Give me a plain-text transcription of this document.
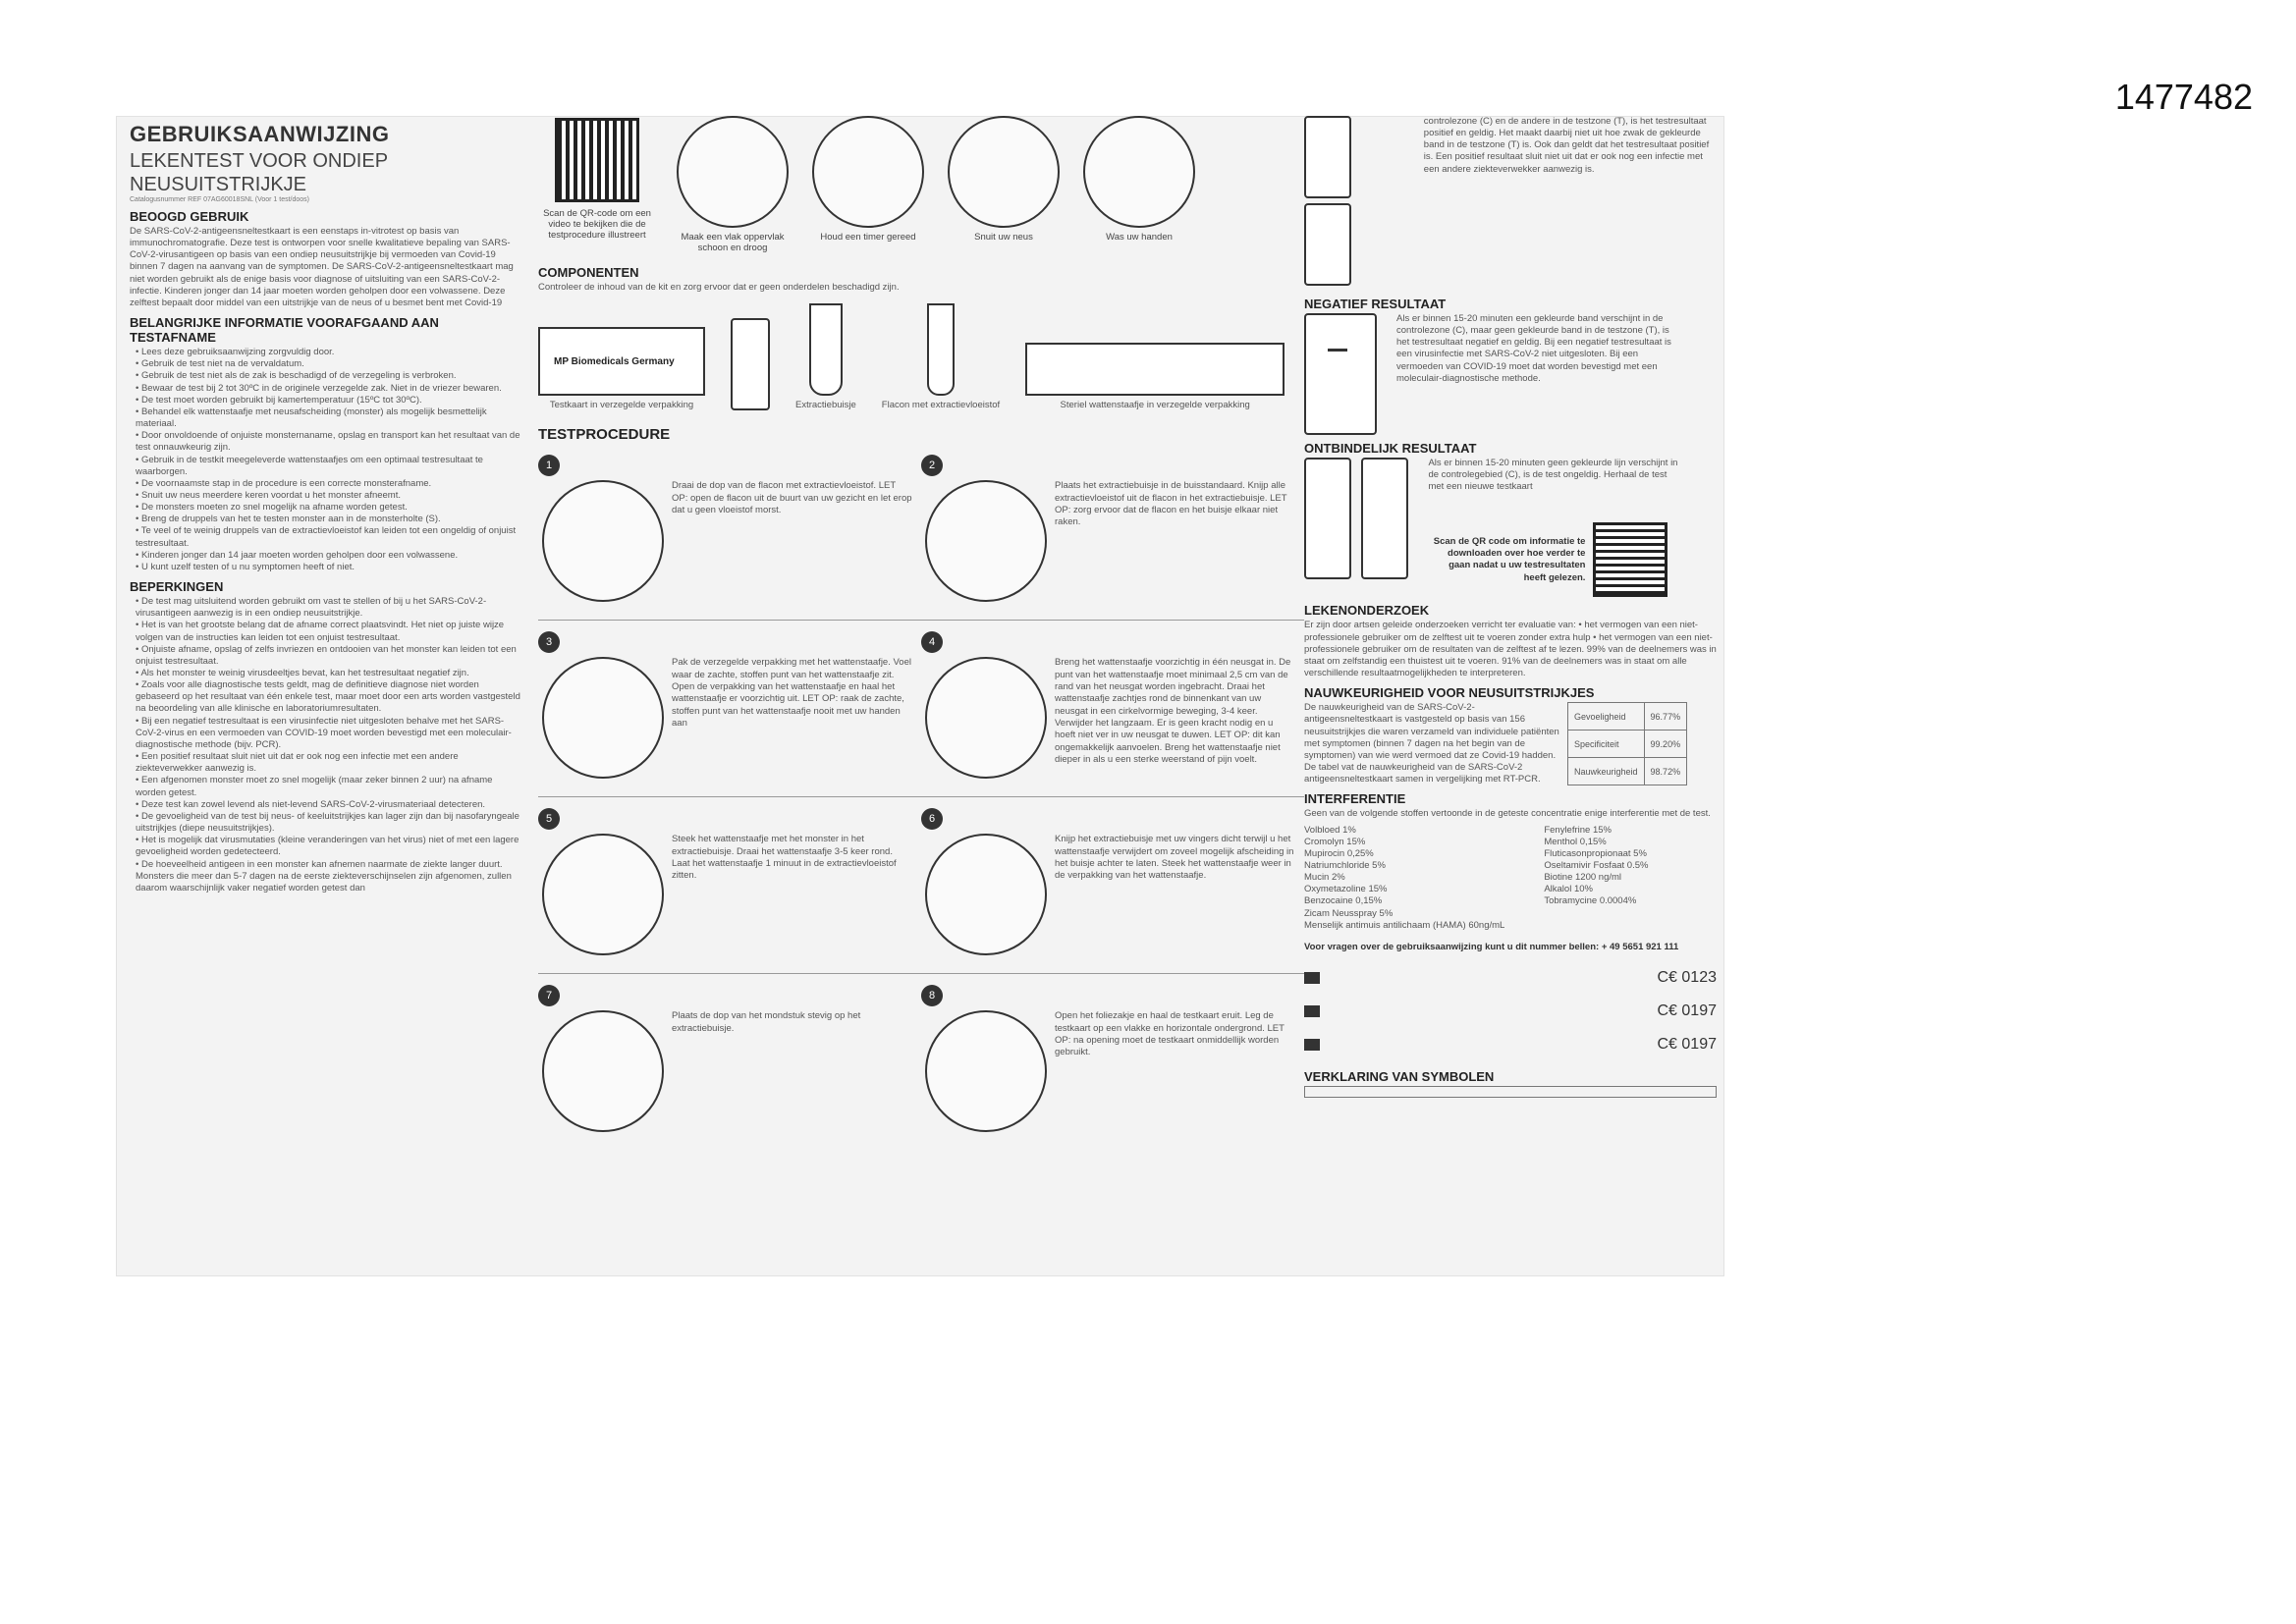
1477482
GEBRUIKSAANWIJZING
LEKENTEST VOOR ONDIEP NEUSUITSTRIJKJE
Catalogusnummer REF 07AG60018SNL (Voor 1 test/doos)
BEOOGD GEBRUIK

De SARS-CoV-2-antigeensneltestkaart is een eenstaps in-vitrotest op basis van immunochromatografie. Deze test is ontworpen voor snelle kwalitatieve bepaling van SARS-CoV-2-virusantigeen op basis van een ondiep neusuitstrijkje bij vermoeden van Covid-19 binnen 7 dagen na aanvang van de symptomen. De SARS-CoV-2-antigeensneltestkaart mag niet worden gebruikt als de enige basis voor diagnose of uitsluiting van een SARS-CoV-2-infectie. Kinderen jonger dan 14 jaar moeten worden geholpen door een volwassene. Deze zelftest bepaalt door middel van een uitstrijkje van de neus of u besmet bent met Covid-19

BELANGRIJKE INFORMATIE VOORAFGAAND AAN TESTAFNAME
• Lees deze gebruiksaanwijzing zorgvuldig door.
• Gebruik de test niet na de vervaldatum.
• Gebruik de test niet als de zak is beschadigd of de verzegeling is verbroken.
• Bewaar de test bij 2 tot 30ºC in de originele verzegelde zak. Niet in de vriezer bewaren.
• De test moet worden gebruikt bij kamertemperatuur (15ºC tot 30ºC).
• Behandel elk wattenstaafje met neusafscheiding (monster) als mogelijk besmettelijk materiaal.
• Door onvoldoende of onjuiste monsternaname, opslag en transport kan het resultaat van de test onnauwkeurig zijn.
• Gebruik in de testkit meegeleverde wattenstaafjes om een optimaal testresultaat te waarborgen.
• De voornaamste stap in de procedure is een correcte monsterafname.
• Snuit uw neus meerdere keren voordat u het monster afneemt.
• De monsters moeten zo snel mogelijk na afname worden getest.
• Breng de druppels van het te testen monster aan in de monsterholte (S).
• Te veel of te weinig druppels van de extractievloeistof kan leiden tot een ongeldig of onjuist testresultaat.
• Kinderen jonger dan 14 jaar moeten worden geholpen door een volwassene.
• U kunt uzelf testen of u nu symptomen heeft of niet.
BEPERKINGEN
• De test mag uitsluitend worden gebruikt om vast te stellen of bij u het SARS-CoV-2-virusantigeen aanwezig is in een ondiep neusuitstrijkje.
• Het is van het grootste belang dat de afname correct plaatsvindt. Het niet op juiste wijze volgen van de instructies kan leiden tot een onjuist testresultaat.
• Onjuiste afname, opslag of zelfs invriezen en ontdooien van het monster kan leiden tot een onjuist testresultaat.
• Als het monster te weinig virusdeeltjes bevat, kan het testresultaat negatief zijn.
• Zoals voor alle diagnostische tests geldt, mag de definitieve diagnose niet worden gebaseerd op het resultaat van één enkele test, maar moet door een arts worden vastgesteld na beoordeling van alle klinische en laboratoriumresultaten.
• Bij een negatief testresultaat is een virusinfectie niet uitgesloten behalve met het SARS-CoV-2-virus en een vermoeden van COVID-19 moet worden bevestigd met een moleculair-diagnostische methode (bijv. PCR).
• Een positief resultaat sluit niet uit dat er ook nog een infectie met een andere ziekteverwekker aanwezig is.
• Een afgenomen monster moet zo snel mogelijk (maar zeker binnen 2 uur) na afname worden getest.
• Deze test kan zowel levend als niet-levend SARS-CoV-2-virusmateriaal detecteren.
• De gevoeligheid van de test bij neus- of keeluitstrijkjes kan lager zijn dan bij nasofaryngeale uitstrijkjes (diepe neusuitstrijkjes).
• Het is mogelijk dat virusmutaties (kleine veranderingen van het virus) niet of met een lagere gevoeligheid worden gedetecteerd.
• De hoeveelheid antigeen in een monster kan afnemen naarmate de ziekte langer duurt. Monsters die meer dan 5-7 dagen na de eerste ziekteverschijnselen zijn afgenomen, zullen daarom waarschijnlijk vaker negatief worden getest dan
Scan de QR-code om een video te bekijken die de testprocedure illustreert	Maak een vlak oppervlak schoon en droog
Houd een timer gereed	Snuit uw neus	Was uw handen
COMPONENTEN

Controleer de inhoud van de kit en zorg ervoor dat er geen onderdelen beschadigd zijn.

MP Biomedicals Germany
Testkaart in verzegelde verpakking	Extractiebuisje	Flacon met extractievloeistof	Steriel wattenstaafje in verzegelde verpakking
TESTPROCEDURE
1
Draai de dop van de flacon met extractievloeistof. LET OP: open de flacon uit de buurt van uw gezicht en let erop dat u geen vloeistof morst.
2
Plaats het extractiebuisje in de buisstandaard. Knijp alle extractievloeistof uit de flacon in het extractiebuisje. LET OP: zorg ervoor dat de flacon en het buisje elkaar niet raken.
3
Pak de verzegelde verpakking met het wattenstaafje. Voel waar de zachte, stoffen punt van het wattenstaafje zit. Open de verpakking van het wattenstaafje en haal het wattenstaafje er voorzichtig uit. LET OP: raak de zachte, stoffen punt van het wattenstaafje nooit met uw handen aan
4
Breng het wattenstaafje voorzichtig in één neusgat in. De punt van het wattenstaafje moet minimaal 2,5 cm van de rand van het neusgat worden ingebracht. Draai het wattenstaafje zachtjes rond de binnenkant van uw neusgat in een cirkelvormige beweging, 3-4 keer. Verwijder het langzaam. Er is geen kracht nodig en u hoeft niet ver in uw neusgat te duwen. LET OP: dit kan ongemakkelijk aanvoelen. Breng het wattenstaafje niet dieper in als u een sterke weerstand of pijn voelt.
5
Steek het wattenstaafje met het monster in het extractiebuisje. Draai het wattenstaafje 3-5 keer rond. Laat het wattenstaafje 1 minuut in de extractievloeistof zitten.
6
Knijp het extractiebuisje met uw vingers dicht terwijl u het wattenstaafje verwijdert om zoveel mogelijk afscheiding in het buisje achter te laten. Steek het wattenstaafje weer in de verpakking van het wattenstaafje.
7
Plaats de dop van het mondstuk stevig op het extractiebuisje.
8
Open het foliezakje en haal de testkaart eruit. Leg de testkaart op een vlakke en horizontale ondergrond. LET OP: na opening moet de testkaart onmiddellijk worden gebruikt.

controlezone (C) en de andere in de testzone (T), is het testresultaat positief en geldig. Het maakt daarbij niet uit hoe zwak de gekleurde band in de testzone (T) is. Ook dan geldt dat het testresultaat positief is. Een positief resultaat sluit niet uit dat er ook nog een infectie met een andere ziekteverwekker aanwezig is.

NEGATIEF RESULTAAT

Als er binnen 15-20 minuten een gekleurde band verschijnt in de controlezone (C), maar geen gekleurde band in de testzone (T), is het testresultaat negatief en geldig. Bij een negatief testresultaat is een virusinfectie met SARS-CoV-2 niet uitgesloten. Bij een vermoeden van COVID-19 moet dat worden bevestigd met een moleculair-diagnostische methode.

ONTBINDELIJK RESULTAAT

Als er binnen 15-20 minuten geen gekleurde lijn verschijnt in de controlegebied (C), is de test ongeldig. Herhaal de test met een nieuwe testkaart

Scan de QR code om informatie te downloaden over hoe verder te gaan nadat u uw testresultaten heeft gelezen.

LEKENONDERZOEK

Er zijn door artsen geleide onderzoeken verricht ter evaluatie van: • het vermogen van een niet-professionele gebruiker om de zelftest uit te voeren zonder extra hulp • het vermogen van een niet-professionele gebruiker om de resultaten van de zelftest af te lezen. 99% van de deelnemers was in staat om zelfstandig een thuistest uit te voeren. 91% van de deelnemers was in staat om alle verschillende resultaatmogelijkheden te interpreteren.

NAUWKEURIGHEID VOOR NEUSUITSTRIJKJES

De nauwkeurigheid van de SARS-CoV-2-antigeensneltestkaart is vastgesteld op basis van 156 neusuitstrijkjes die waren verzameld van individuele patiënten met symptomen (binnen 7 dagen na het begin van de symptomen) van wie werd vermoed dat ze Covid-19 hadden. De tabel vat de nauwkeurigheid van de SARS-CoV-2 antigeensneltestkaart samen in vergelijking met RT-PCR.

Gevoeligheid	96.77%
Specificiteit	99.20%
Nauwkeurigheid	98.72%
INTERFERENTIE

Geen van de volgende stoffen vertoonde in de geteste concentratie enige interferentie met de test.

Volbloed 1%
Cromolyn 15%
Mupirocin 0,25%
Natriumchloride 5%
Mucin 2%
Oxymetazoline 15%
Benzocaine 0,15%
Zicam Neusspray 5%
Menselijk antimuis antilichaam (HAMA) 60ng/mL
Fenylefrine 15%
Menthol 0,15%
Fluticasonpropionaat 5%
Oseltamivir Fosfaat 0.5%
Biotine 1200 ng/ml
Alkalol 10%
Tobramycine 0.0004%

Voor vragen over de gebruiksaanwijzing kunt u dit nummer bellen: + 49 5651 921 111

C€ 0123
C€ 0197
C€ 0197
VERKLARING VAN SYMBOLEN
